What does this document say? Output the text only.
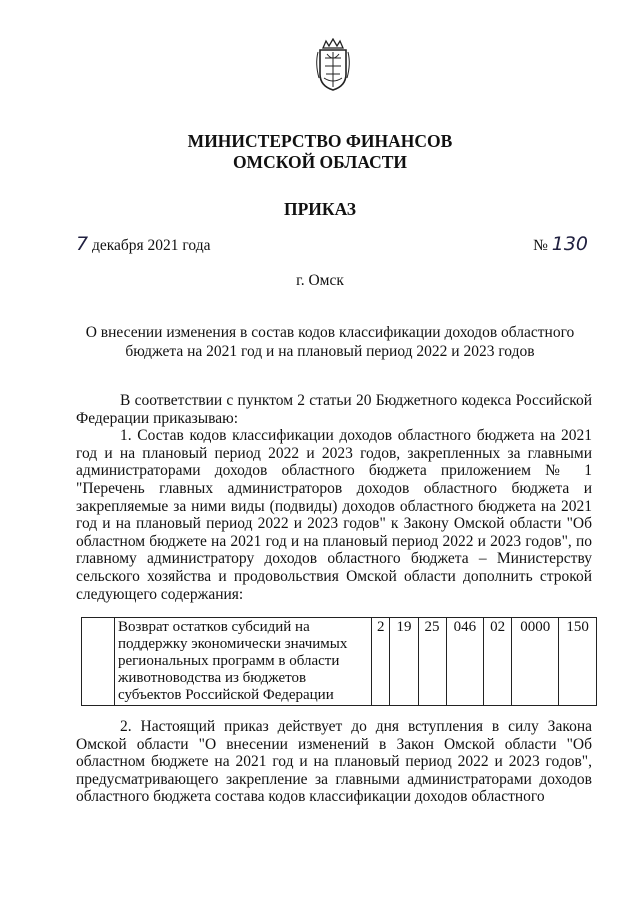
МИНИСТЕРСТВО ФИНАНСОВ
ОМСКОЙ ОБЛАСТИ
ПРИКАЗ
7 декабря 2021 года	№ 130
г. Омск
О внесении изменения в состав кодов классификации доходов областного
бюджета на 2021 год и на плановый период 2022 и 2023 годов
В соответствии с пунктом 2 статьи 20 Бюджетного кодекса Российской Федерации приказываю:
1. Состав кодов классификации доходов областного бюджета на 2021 год и на плановый период 2022 и 2023 годов, закрепленных за главными администраторами доходов областного бюджета приложением № 1 "Перечень главных администраторов доходов областного бюджета и закрепляемые за ними виды (подвиды) доходов областного бюджета на 2021 год и на плановый период 2022 и 2023 годов" к Закону Омской области "Об областном бюджете на 2021 год и на плановый период 2022 и 2023 годов", по главному администратору доходов областного бюджета – Министерству сельского хозяйства и продовольствия Омской области дополнить строкой следующего содержания:
	Возврат остатков субсидий на поддержку экономически значимых региональных программ в области животноводства из бюджетов субъектов Российской Федерации	2	19	25	046	02	0000	150
2. Настоящий приказ действует до дня вступления в силу Закона Омской области "О внесении изменений в Закон Омской области "Об областном бюджете на 2021 год и на плановый период 2022 и 2023 годов", предусматривающего закрепление за главными администраторами доходов областного бюджета состава кодов классификации доходов областного
